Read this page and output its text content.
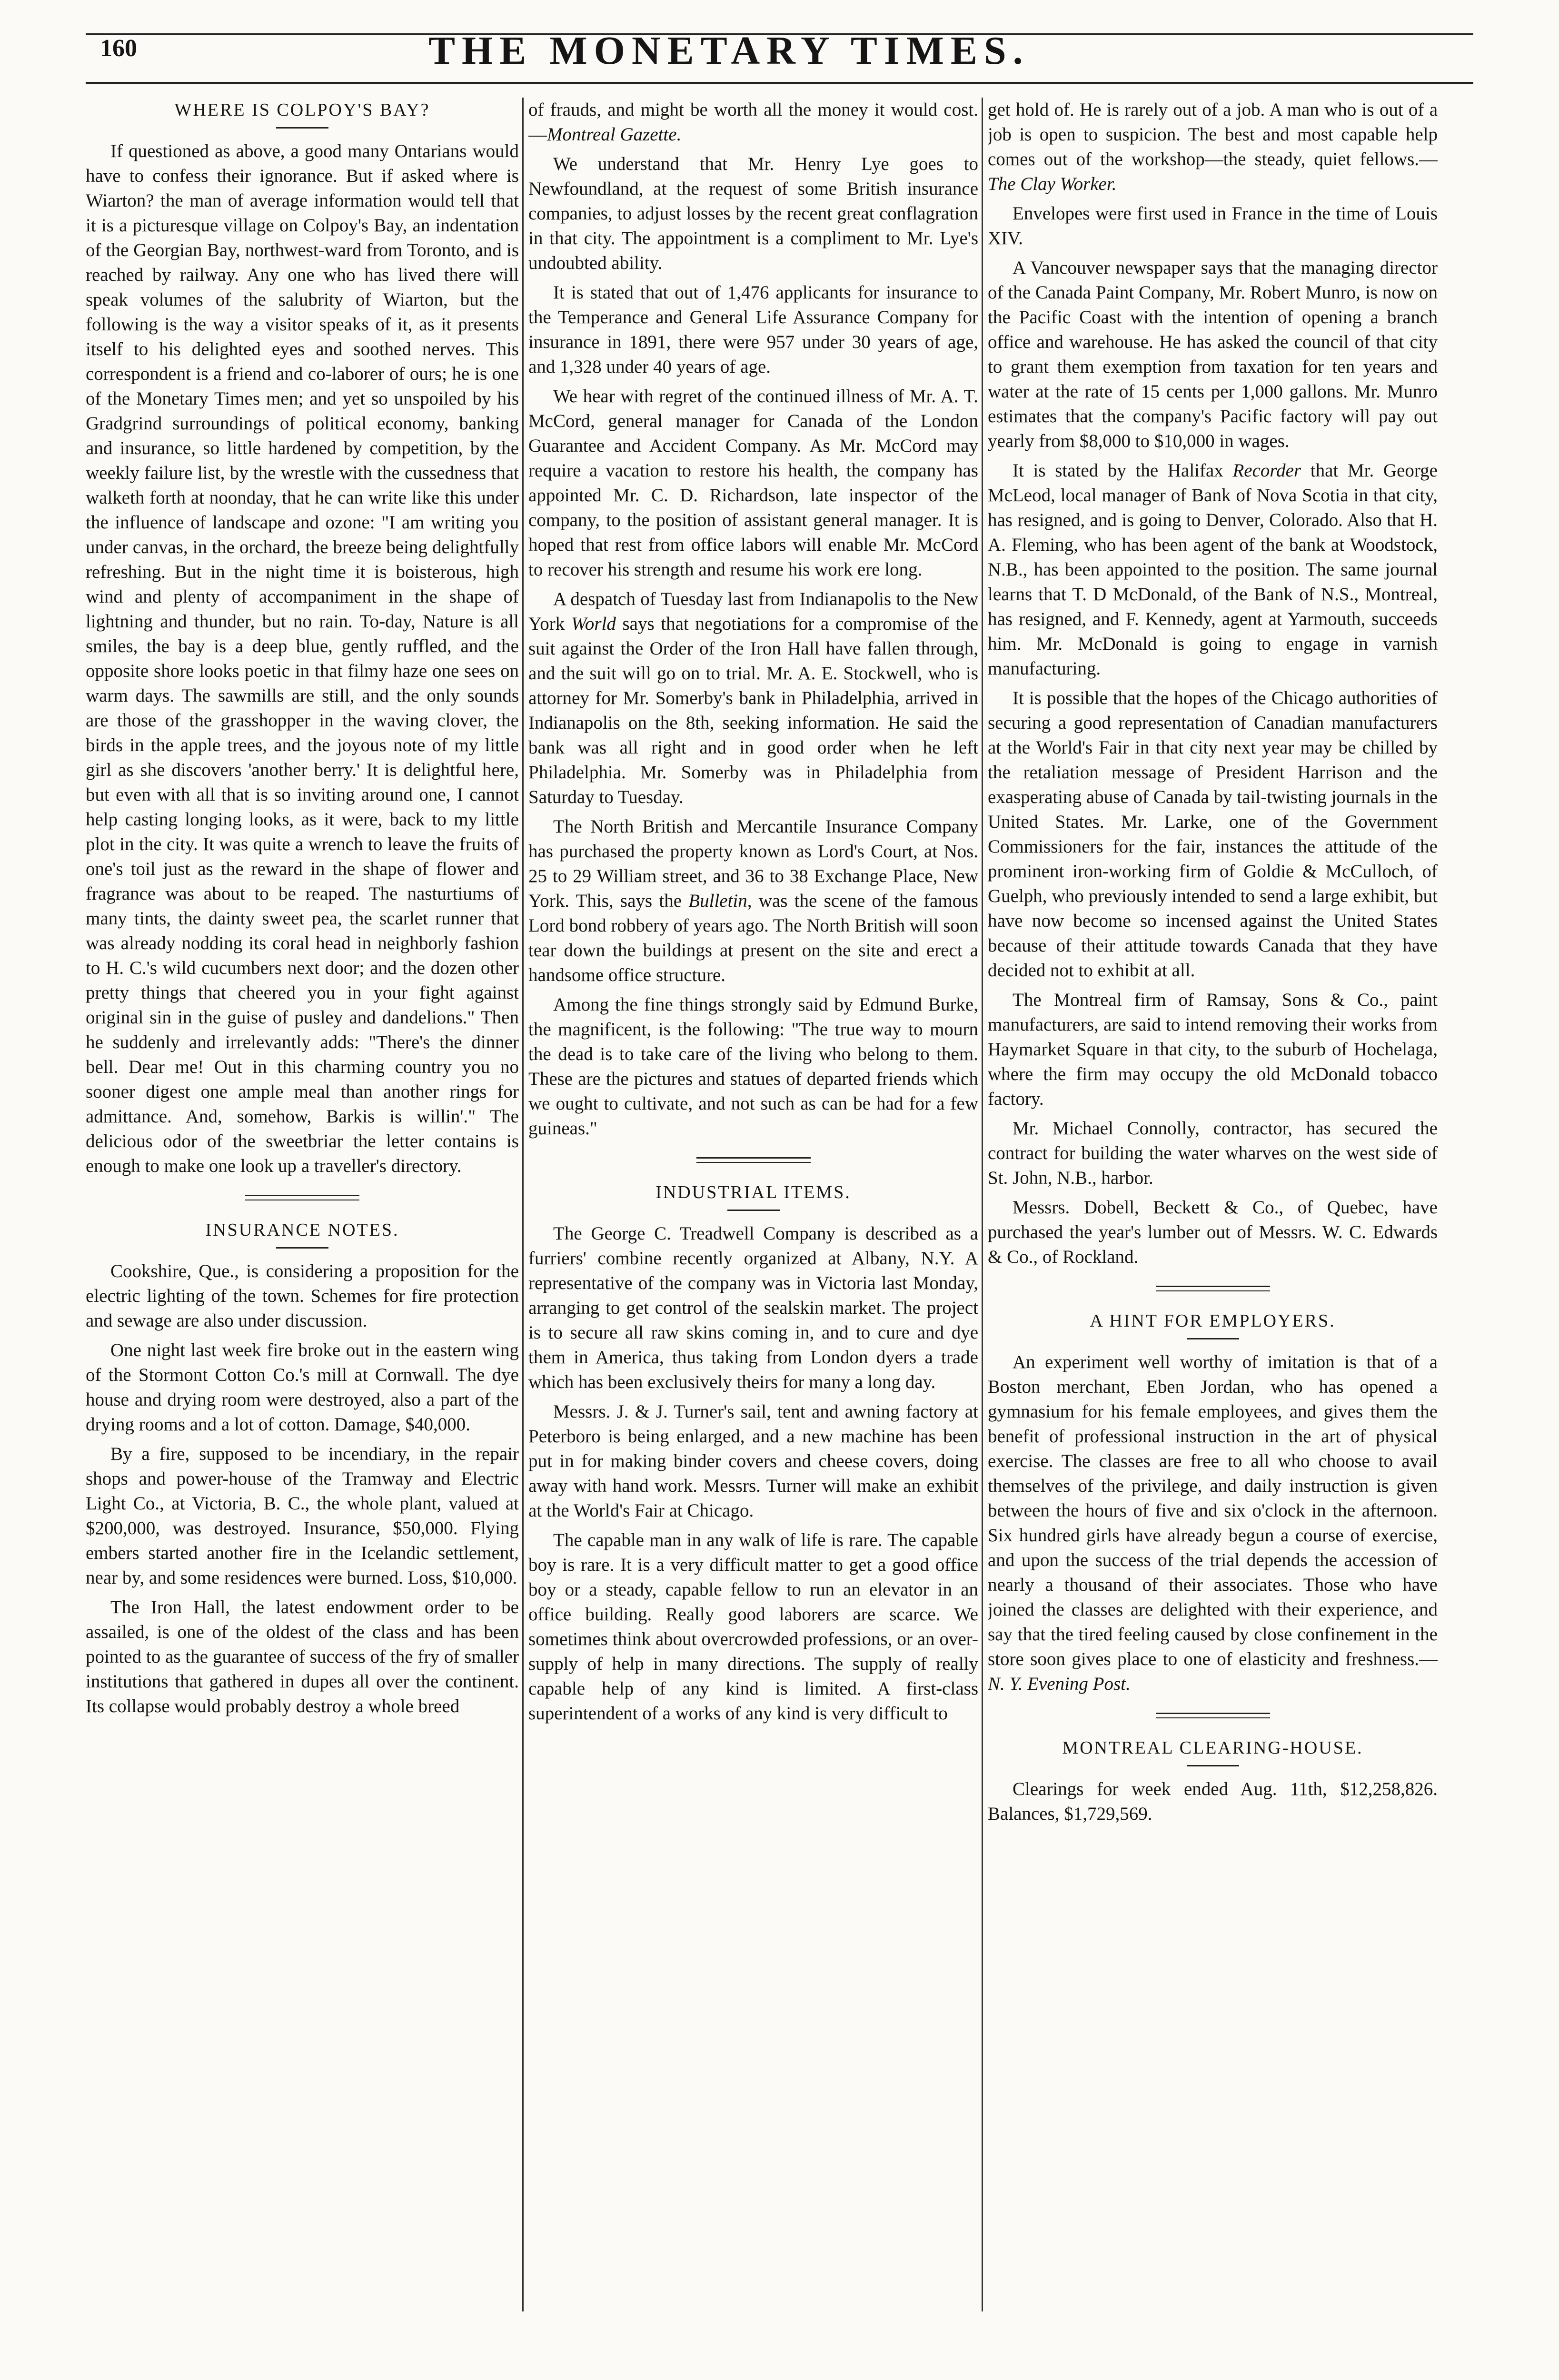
160	THE MONETARY TIMES.
WHERE IS COLPOY'S BAY?

If questioned as above, a good many Ontarians would have to confess their ignorance. But if asked where is Wiarton? the man of average information would tell that it is a picturesque village on Colpoy's Bay, an indentation of the Georgian Bay, northwest-ward from Toronto, and is reached by railway. Any one who has lived there will speak volumes of the salubrity of Wiarton, but the following is the way a visitor speaks of it, as it presents itself to his delighted eyes and soothed nerves. This correspondent is a friend and co-laborer of ours; he is one of the Monetary Times men; and yet so unspoiled by his Gradgrind surroundings of political economy, banking and insurance, so little hardened by competition, by the weekly failure list, by the wrestle with the cussedness that walketh forth at noonday, that he can write like this under the influence of landscape and ozone: "I am writing you under canvas, in the orchard, the breeze being delightfully refreshing. But in the night time it is boisterous, high wind and plenty of accompaniment in the shape of lightning and thunder, but no rain. To-day, Nature is all smiles, the bay is a deep blue, gently ruffled, and the opposite shore looks poetic in that filmy haze one sees on warm days. The sawmills are still, and the only sounds are those of the grasshopper in the waving clover, the birds in the apple trees, and the joyous note of my little girl as she discovers 'another berry.' It is delightful here, but even with all that is so inviting around one, I cannot help casting longing looks, as it were, back to my little plot in the city. It was quite a wrench to leave the fruits of one's toil just as the reward in the shape of flower and fragrance was about to be reaped. The nasturtiums of many tints, the dainty sweet pea, the scarlet runner that was already nodding its coral head in neighborly fashion to H. C.'s wild cucumbers next door; and the dozen other pretty things that cheered you in your fight against original sin in the guise of pusley and dandelions." Then he suddenly and irrelevantly adds: "There's the dinner bell. Dear me! Out in this charming country you no sooner digest one ample meal than another rings for admittance. And, somehow, Barkis is willin'." The delicious odor of the sweetbriar the letter contains is enough to make one look up a traveller's directory.

INSURANCE NOTES.

Cookshire, Que., is considering a proposition for the electric lighting of the town. Schemes for fire protection and sewage are also under discussion.

One night last week fire broke out in the eastern wing of the Stormont Cotton Co.'s mill at Cornwall. The dye house and drying room were destroyed, also a part of the drying rooms and a lot of cotton. Damage, $40,000.

By a fire, supposed to be incendiary, in the repair shops and power-house of the Tramway and Electric Light Co., at Victoria, B. C., the whole plant, valued at $200,000, was destroyed. Insurance, $50,000. Flying embers started another fire in the Icelandic settlement, near by, and some residences were burned. Loss, $10,000.

The Iron Hall, the latest endowment order to be assailed, is one of the oldest of the class and has been pointed to as the guarantee of success of the fry of smaller institutions that gathered in dupes all over the continent. Its collapse would probably destroy a whole breed

of frauds, and might be worth all the money it would cost.—Montreal Gazette.

We understand that Mr. Henry Lye goes to Newfoundland, at the request of some British insurance companies, to adjust losses by the recent great conflagration in that city. The appointment is a compliment to Mr. Lye's undoubted ability.

It is stated that out of 1,476 applicants for insurance to the Temperance and General Life Assurance Company for insurance in 1891, there were 957 under 30 years of age, and 1,328 under 40 years of age.

We hear with regret of the continued illness of Mr. A. T. McCord, general manager for Canada of the London Guarantee and Accident Company. As Mr. McCord may require a vacation to restore his health, the company has appointed Mr. C. D. Richardson, late inspector of the company, to the position of assistant general manager. It is hoped that rest from office labors will enable Mr. McCord to recover his strength and resume his work ere long.

A despatch of Tuesday last from Indianapolis to the New York World says that negotiations for a compromise of the suit against the Order of the Iron Hall have fallen through, and the suit will go on to trial. Mr. A. E. Stockwell, who is attorney for Mr. Somerby's bank in Philadelphia, arrived in Indianapolis on the 8th, seeking information. He said the bank was all right and in good order when he left Philadelphia. Mr. Somerby was in Philadelphia from Saturday to Tuesday.

The North British and Mercantile Insurance Company has purchased the property known as Lord's Court, at Nos. 25 to 29 William street, and 36 to 38 Exchange Place, New York. This, says the Bulletin, was the scene of the famous Lord bond robbery of years ago. The North British will soon tear down the buildings at present on the site and erect a handsome office structure.

Among the fine things strongly said by Edmund Burke, the magnificent, is the following: "The true way to mourn the dead is to take care of the living who belong to them. These are the pictures and statues of departed friends which we ought to cultivate, and not such as can be had for a few guineas."

INDUSTRIAL ITEMS.

The George C. Treadwell Company is described as a furriers' combine recently organized at Albany, N.Y. A representative of the company was in Victoria last Monday, arranging to get control of the sealskin market. The project is to secure all raw skins coming in, and to cure and dye them in America, thus taking from London dyers a trade which has been exclusively theirs for many a long day.

Messrs. J. & J. Turner's sail, tent and awning factory at Peterboro is being enlarged, and a new machine has been put in for making binder covers and cheese covers, doing away with hand work. Messrs. Turner will make an exhibit at the World's Fair at Chicago.

The capable man in any walk of life is rare. The capable boy is rare. It is a very difficult matter to get a good office boy or a steady, capable fellow to run an elevator in an office building. Really good laborers are scarce. We sometimes think about overcrowded professions, or an over-supply of help in many directions. The supply of really capable help of any kind is limited. A first-class superintendent of a works of any kind is very difficult to

get hold of. He is rarely out of a job. A man who is out of a job is open to suspicion. The best and most capable help comes out of the workshop—the steady, quiet fellows.—The Clay Worker.

Envelopes were first used in France in the time of Louis XIV.

A Vancouver newspaper says that the managing director of the Canada Paint Company, Mr. Robert Munro, is now on the Pacific Coast with the intention of opening a branch office and warehouse. He has asked the council of that city to grant them exemption from taxation for ten years and water at the rate of 15 cents per 1,000 gallons. Mr. Munro estimates that the company's Pacific factory will pay out yearly from $8,000 to $10,000 in wages.

It is stated by the Halifax Recorder that Mr. George McLeod, local manager of Bank of Nova Scotia in that city, has resigned, and is going to Denver, Colorado. Also that H. A. Fleming, who has been agent of the bank at Woodstock, N.B., has been appointed to the position. The same journal learns that T. D McDonald, of the Bank of N.S., Montreal, has resigned, and F. Kennedy, agent at Yarmouth, succeeds him. Mr. McDonald is going to engage in varnish manufacturing.

It is possible that the hopes of the Chicago authorities of securing a good representation of Canadian manufacturers at the World's Fair in that city next year may be chilled by the retaliation message of President Harrison and the exasperating abuse of Canada by tail-twisting journals in the United States. Mr. Larke, one of the Government Commissioners for the fair, instances the attitude of the prominent iron-working firm of Goldie & McCulloch, of Guelph, who previously intended to send a large exhibit, but have now become so incensed against the United States because of their attitude towards Canada that they have decided not to exhibit at all.

The Montreal firm of Ramsay, Sons & Co., paint manufacturers, are said to intend removing their works from Haymarket Square in that city, to the suburb of Hochelaga, where the firm may occupy the old McDonald tobacco factory.

Mr. Michael Connolly, contractor, has secured the contract for building the water wharves on the west side of St. John, N.B., harbor.

Messrs. Dobell, Beckett & Co., of Quebec, have purchased the year's lumber out of Messrs. W. C. Edwards & Co., of Rockland.

A HINT FOR EMPLOYERS.

An experiment well worthy of imitation is that of a Boston merchant, Eben Jordan, who has opened a gymnasium for his female employees, and gives them the benefit of professional instruction in the art of physical exercise. The classes are free to all who choose to avail themselves of the privilege, and daily instruction is given between the hours of five and six o'clock in the afternoon. Six hundred girls have already begun a course of exercise, and upon the success of the trial depends the accession of nearly a thousand of their associates. Those who have joined the classes are delighted with their experience, and say that the tired feeling caused by close confinement in the store soon gives place to one of elasticity and freshness.—N. Y. Evening Post.

MONTREAL CLEARING-HOUSE.

Clearings for week ended Aug. 11th, $12,258,826. Balances, $1,729,569.
